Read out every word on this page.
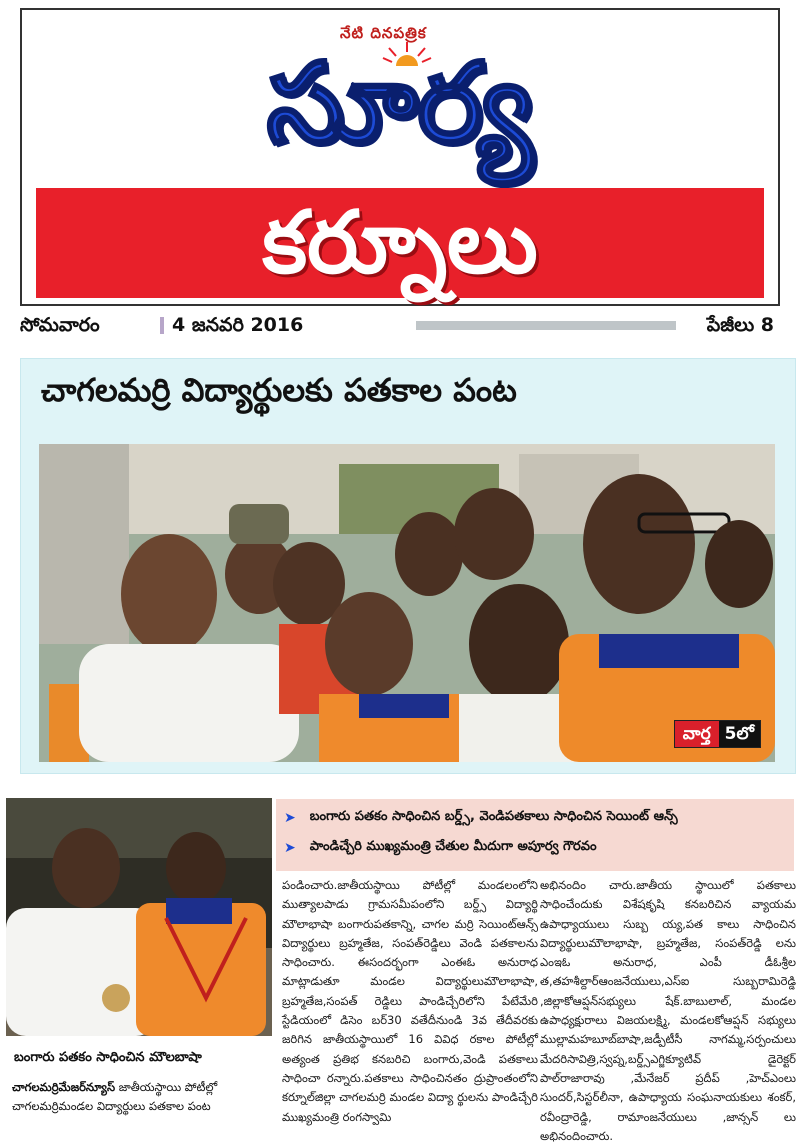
నేటి దినపత్రిక
సూర్య
కర్నూలు
సోమవారం	4 జనవరి 2016	పేజీలు 8
చాగలమర్రి విద్యార్థులకు పతకాల పంట
వార్త 5లో
బంగారు పతకం సాధించిన మౌలబాషా
చాగలమర్రిమేజర్‌న్యూస్‌ జాతీయస్థాయి పోటీల్లో చాగలమర్రిమండల విద్యార్థులు పతకాల పంట
➤ బంగారు పతకం సాధించిన బర్డ్స్‌, వెండిపతకాలు సాధించిన సెయింట్‌ ఆన్స్‌
➤ పాండిచ్చేరి ముఖ్యమంత్రి చేతుల మీదుగా అపూర్వ గౌరవం
పండించారు.జాతీయస్థాయి పోటీల్లో మండలంలోని ముత్యాలపాడు గ్రామసమీపంలోని బర్డ్స్‌ విద్యార్థి మౌలాభాషా బంగారుపతకాన్ని, చాగల మర్రి సెయింట్‌ఆన్స్‌ విద్యార్థులు బ్రహ్మతేజ, సంపత్‌రెడ్డిలు వెండి పతకాలను సాధించారు. ఈసందర్భంగా ఎంఈఓ అనురాధ మాట్లాడుతూ మండల విద్యార్థులుమౌలాభాషా, బ్రహ్మతేజ,సంపత్‌ రెడ్డిలు పాండిచ్చేరిలోని పేటేమేరి స్టేడియంలో డిసెం బర్‌30 వతేదీనుండి 3వ తేదీవరకు జరిగిన జాతీయస్థాయిలో 16 వివిధ రకాల పోటీల్లో అత్యంత ప్రతిభ కనబరిచి బంగారు,వెండి పతకాలు సాధించా రన్నారు.పతకాలు సాధించినతం ద్రుప్రాంతంలోని కర్నూల్‌జిల్లా చాగలమర్రి మండల విద్యా ర్థులను పాండిచ్చేరి ముఖ్యమంత్రి రంగస్వామి
అభినందిం చారు.జాతీయ స్థాయిలో పతకాలు సాధించేందుకు విశేషకృషి కనబరిచిన వ్యాయమ ఉపాధ్యాయులు సుబ్బ య్య,పత కాలు సాధించిన విద్యార్థులుమౌలాభాషా, బ్రహ్మతేజ, సంపత్‌రెడ్డి లను ఎంఇఓ అనురాధ, ఎంపీ డీఓశ్రీల త,తహశీల్దార్‌ఆంజనేయులు,ఎస్‌ఐ సుబ్బరామిరెడ్డి ,జిల్లాకోఆప్షన్‌సభ్యులు షేక్‌.బాబులాల్‌, మండల ఉపాధ్యక్షురాలు విజయలక్ష్మి, మండలకోఆప్షన్‌ సభ్యులు ముల్లామహబూబ్‌బాషా,జడ్పీటీసీ నాగమ్మ,సర్పంచులు మేదరిసావిత్రి,స్వప్న,బర్డ్స్‌ఎగ్జిక్యూటివ్‌ డైరెక్టర్‌ పాల్‌రాజారావు ,మేనేజర్‌ ప్రదీప్‌ ,హెచ్‌ఎంలు సుందర్‌,సిస్టర్‌లీనా, ఉపాధ్యాయ సంఘనాయకులు శంకర్‌, రవీంద్రారెడ్డి, రామాంజనేయులు ,జాన్సన్‌ లు అభినందించారు.
